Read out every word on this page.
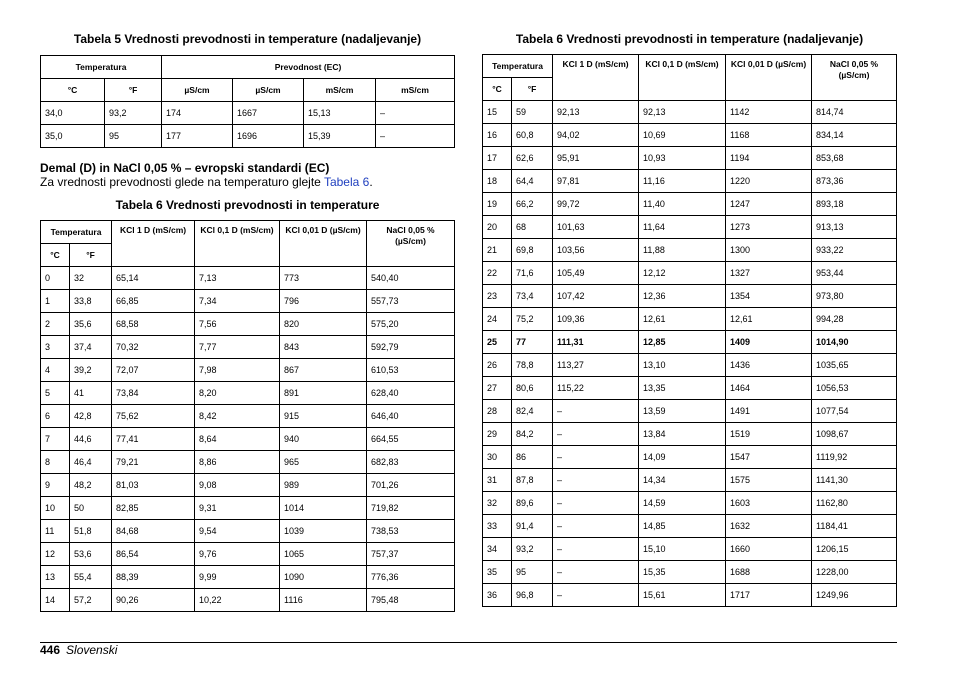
Tabela 5 Vrednosti prevodnosti in temperature (nadaljevanje)
Temperatura		Prevodnost (EC)			
°C	°F	µS/cm	µS/cm	mS/cm	mS/cm
34,0	93,2	174	1667	15,13	–
35,0	95	177	1696	15,39	–
Demal (D) in NaCl 0,05 % – evropski standardi (EC)
Za vrednosti prevodnosti glede na temperaturo glejte Tabela 6.
Tabela 6 Vrednosti prevodnosti in temperature
Temperatura		KCl 1 D (mS/cm)	KCl 0,1 D (mS/cm)	KCl 0,01 D (µS/cm)	NaCl 0,05 % (µS/cm)
°C	°F				
0	32	65,14	7,13	773	540,40
1	33,8	66,85	7,34	796	557,73
2	35,6	68,58	7,56	820	575,20
3	37,4	70,32	7,77	843	592,79
4	39,2	72,07	7,98	867	610,53
5	41	73,84	8,20	891	628,40
6	42,8	75,62	8,42	915	646,40
7	44,6	77,41	8,64	940	664,55
8	46,4	79,21	8,86	965	682,83
9	48,2	81,03	9,08	989	701,26
10	50	82,85	9,31	1014	719,82
11	51,8	84,68	9,54	1039	738,53
12	53,6	86,54	9,76	1065	757,37
13	55,4	88,39	9,99	1090	776,36
14	57,2	90,26	10,22	1116	795,48
Tabela 6 Vrednosti prevodnosti in temperature (nadaljevanje)
Temperatura		KCl 1 D (mS/cm)	KCl 0,1 D (mS/cm)	KCl 0,01 D (µS/cm)	NaCl 0,05 % (µS/cm)
°C	°F				
15	59	92,13	92,13	1142	814,74
16	60,8	94,02	10,69	1168	834,14
17	62,6	95,91	10,93	1194	853,68
18	64,4	97,81	11,16	1220	873,36
19	66,2	99,72	11,40	1247	893,18
20	68	101,63	11,64	1273	913,13
21	69,8	103,56	11,88	1300	933,22
22	71,6	105,49	12,12	1327	953,44
23	73,4	107,42	12,36	1354	973,80
24	75,2	109,36	12,61	12,61	994,28
25	77	111,31	12,85	1409	1014,90
26	78,8	113,27	13,10	1436	1035,65
27	80,6	115,22	13,35	1464	1056,53
28	82,4	–	13,59	1491	1077,54
29	84,2	–	13,84	1519	1098,67
30	86	–	14,09	1547	1119,92
31	87,8	–	14,34	1575	1141,30
32	89,6	–	14,59	1603	1162,80
33	91,4	–	14,85	1632	1184,41
34	93,2	–	15,10	1660	1206,15
35	95	–	15,35	1688	1228,00
36	96,8	–	15,61	1717	1249,96
446 Slovenski
